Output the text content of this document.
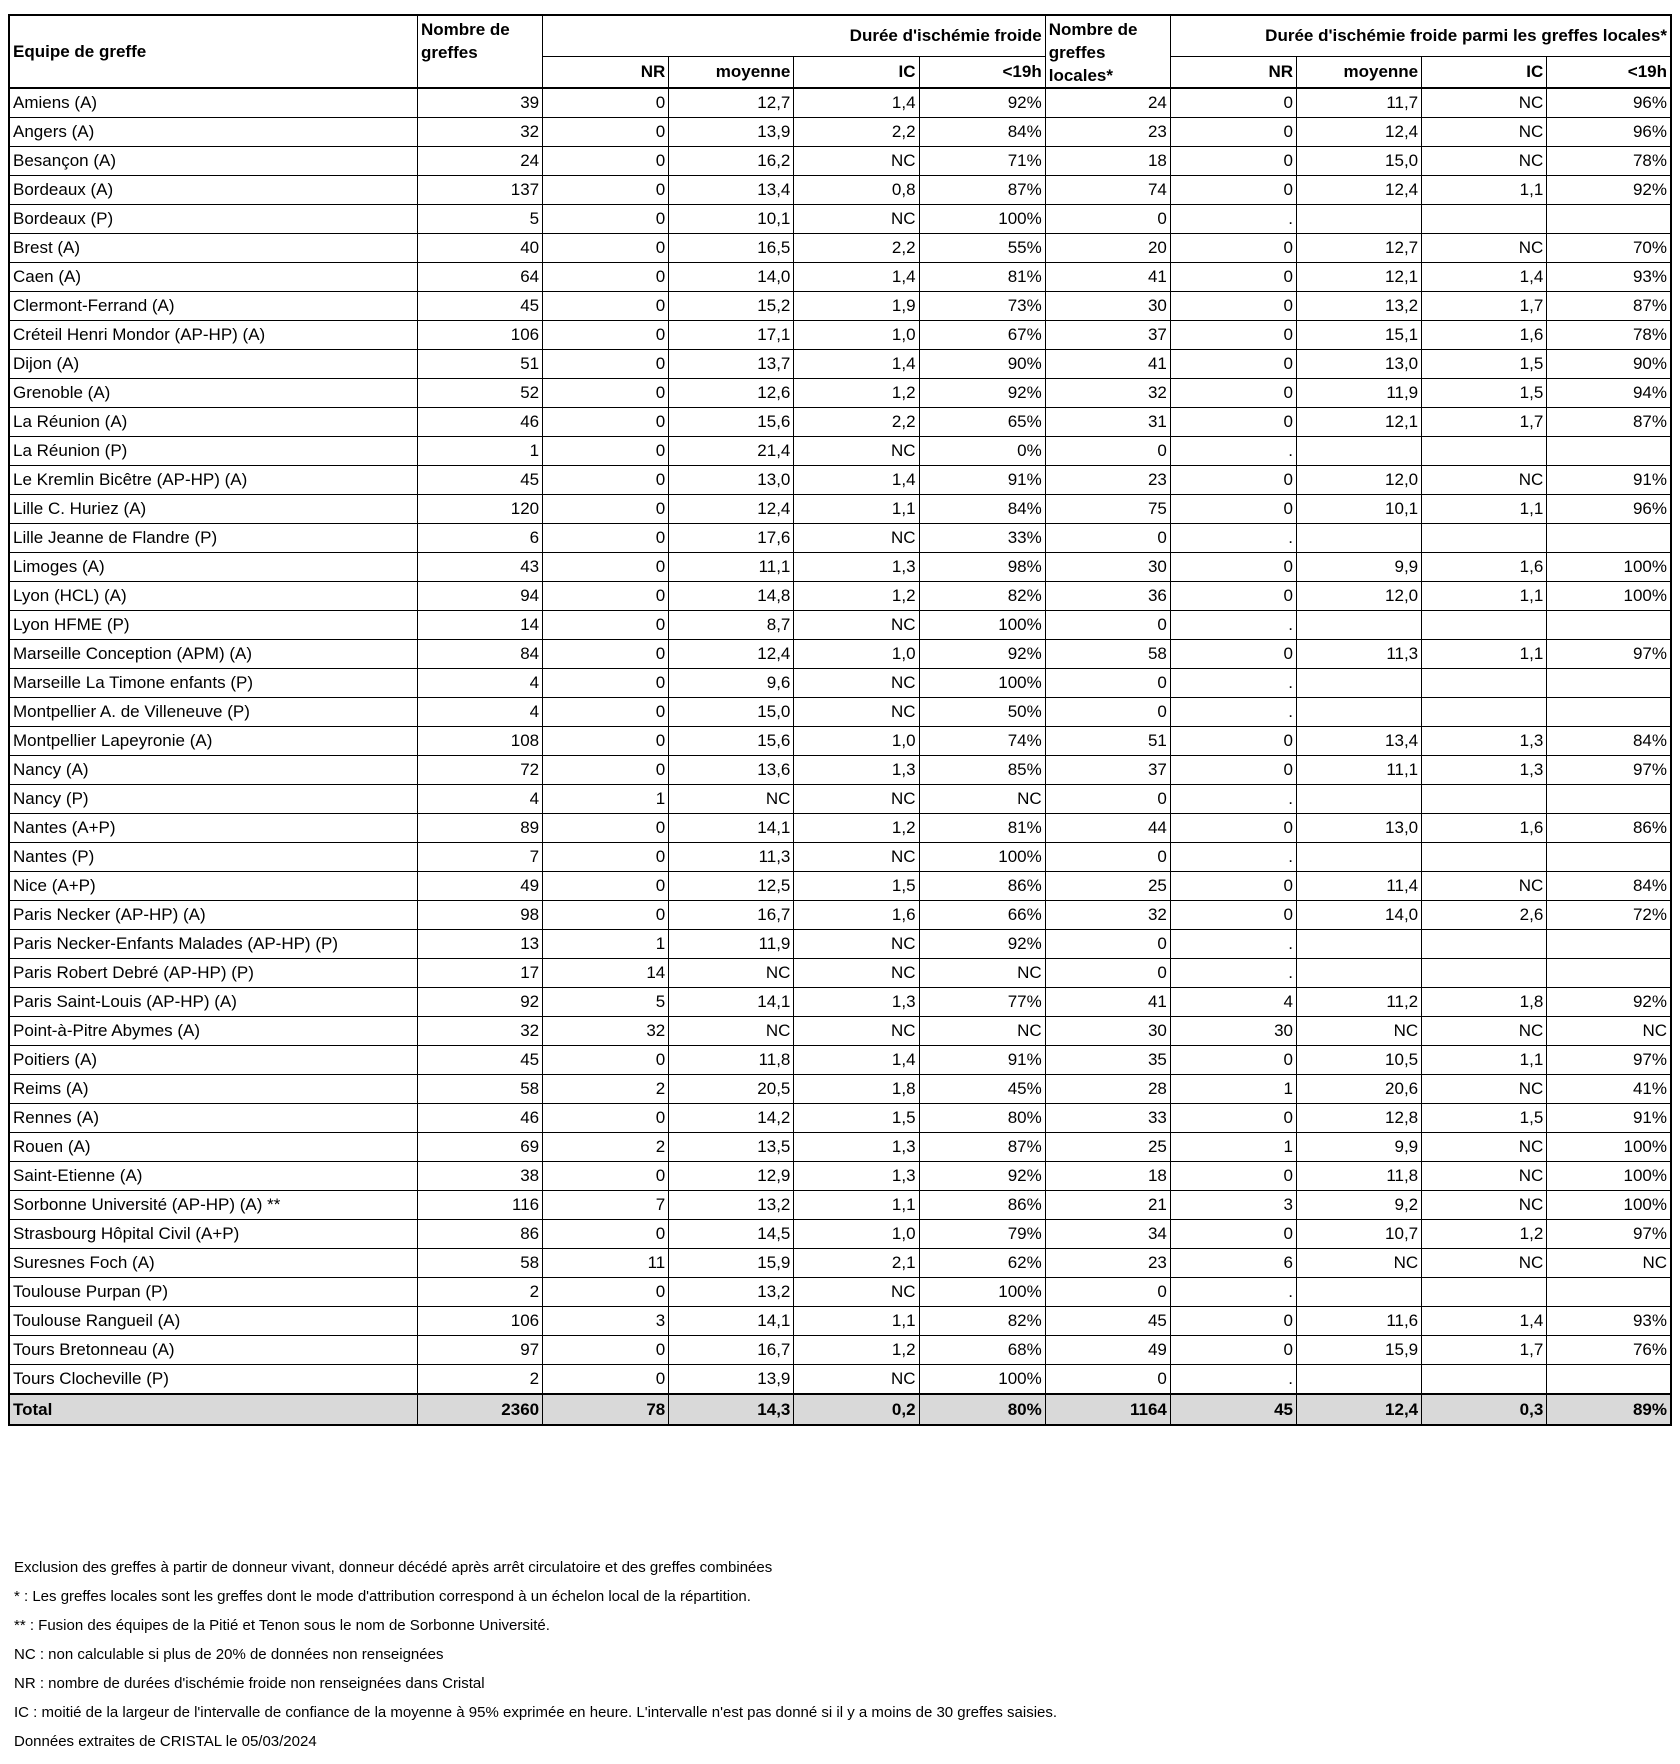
Equipe de greffe	Nombre de greffes	Durée d'ischémie froide				Nombre de greffes locales*	Durée d'ischémie froide parmi les greffes locales*			
		NR	moyenne	IC	<19h		NR	moyenne	IC	<19h
Amiens (A)	39	0	12,7	1,4	92%	24	0	11,7	NC	96%
Angers (A)	32	0	13,9	2,2	84%	23	0	12,4	NC	96%
Besançon (A)	24	0	16,2	NC	71%	18	0	15,0	NC	78%
Bordeaux (A)	137	0	13,4	0,8	87%	74	0	12,4	1,1	92%
Bordeaux (P)	5	0	10,1	NC	100%	0	.			
Brest (A)	40	0	16,5	2,2	55%	20	0	12,7	NC	70%
Caen (A)	64	0	14,0	1,4	81%	41	0	12,1	1,4	93%
Clermont-Ferrand (A)	45	0	15,2	1,9	73%	30	0	13,2	1,7	87%
Créteil Henri Mondor (AP-HP) (A)	106	0	17,1	1,0	67%	37	0	15,1	1,6	78%
Dijon (A)	51	0	13,7	1,4	90%	41	0	13,0	1,5	90%
Grenoble (A)	52	0	12,6	1,2	92%	32	0	11,9	1,5	94%
La Réunion (A)	46	0	15,6	2,2	65%	31	0	12,1	1,7	87%
La Réunion (P)	1	0	21,4	NC	0%	0	.			
Le Kremlin Bicêtre (AP-HP) (A)	45	0	13,0	1,4	91%	23	0	12,0	NC	91%
Lille C. Huriez (A)	120	0	12,4	1,1	84%	75	0	10,1	1,1	96%
Lille Jeanne de Flandre (P)	6	0	17,6	NC	33%	0	.			
Limoges (A)	43	0	11,1	1,3	98%	30	0	9,9	1,6	100%
Lyon (HCL) (A)	94	0	14,8	1,2	82%	36	0	12,0	1,1	100%
Lyon HFME (P)	14	0	8,7	NC	100%	0	.			
Marseille Conception (APM) (A)	84	0	12,4	1,0	92%	58	0	11,3	1,1	97%
Marseille La Timone enfants (P)	4	0	9,6	NC	100%	0	.			
Montpellier A. de Villeneuve (P)	4	0	15,0	NC	50%	0	.			
Montpellier Lapeyronie (A)	108	0	15,6	1,0	74%	51	0	13,4	1,3	84%
Nancy (A)	72	0	13,6	1,3	85%	37	0	11,1	1,3	97%
Nancy (P)	4	1	NC	NC	NC	0	.			
Nantes (A+P)	89	0	14,1	1,2	81%	44	0	13,0	1,6	86%
Nantes (P)	7	0	11,3	NC	100%	0	.			
Nice (A+P)	49	0	12,5	1,5	86%	25	0	11,4	NC	84%
Paris Necker (AP-HP) (A)	98	0	16,7	1,6	66%	32	0	14,0	2,6	72%
Paris Necker-Enfants Malades (AP-HP) (P)	13	1	11,9	NC	92%	0	.			
Paris Robert Debré (AP-HP) (P)	17	14	NC	NC	NC	0	.			
Paris Saint-Louis (AP-HP) (A)	92	5	14,1	1,3	77%	41	4	11,2	1,8	92%
Point-à-Pitre Abymes (A)	32	32	NC	NC	NC	30	30	NC	NC	NC
Poitiers (A)	45	0	11,8	1,4	91%	35	0	10,5	1,1	97%
Reims (A)	58	2	20,5	1,8	45%	28	1	20,6	NC	41%
Rennes (A)	46	0	14,2	1,5	80%	33	0	12,8	1,5	91%
Rouen (A)	69	2	13,5	1,3	87%	25	1	9,9	NC	100%
Saint-Etienne (A)	38	0	12,9	1,3	92%	18	0	11,8	NC	100%
Sorbonne Université (AP-HP) (A) **	116	7	13,2	1,1	86%	21	3	9,2	NC	100%
Strasbourg Hôpital Civil (A+P)	86	0	14,5	1,0	79%	34	0	10,7	1,2	97%
Suresnes Foch (A)	58	11	15,9	2,1	62%	23	6	NC	NC	NC
Toulouse Purpan (P)	2	0	13,2	NC	100%	0	.			
Toulouse Rangueil (A)	106	3	14,1	1,1	82%	45	0	11,6	1,4	93%
Tours Bretonneau (A)	97	0	16,7	1,2	68%	49	0	15,9	1,7	76%
Tours Clocheville (P)	2	0	13,9	NC	100%	0	.			
Total	2360	78	14,3	0,2	80%	1164	45	12,4	0,3	89%
Exclusion des greffes à partir de donneur vivant, donneur décédé après arrêt circulatoire et des greffes combinées
* : Les greffes locales sont les greffes dont le mode d'attribution correspond à un échelon local de la répartition.
** : Fusion des équipes de la Pitié et Tenon sous le nom de Sorbonne Université.
NC : non calculable si plus de 20% de données non renseignées
NR : nombre de durées d'ischémie froide non renseignées dans Cristal
IC : moitié de la largeur de l'intervalle de confiance de la moyenne à 95% exprimée en heure. L'intervalle n'est pas donné si il y a moins de 30 greffes saisies.
Données extraites de CRISTAL le 05/03/2024
